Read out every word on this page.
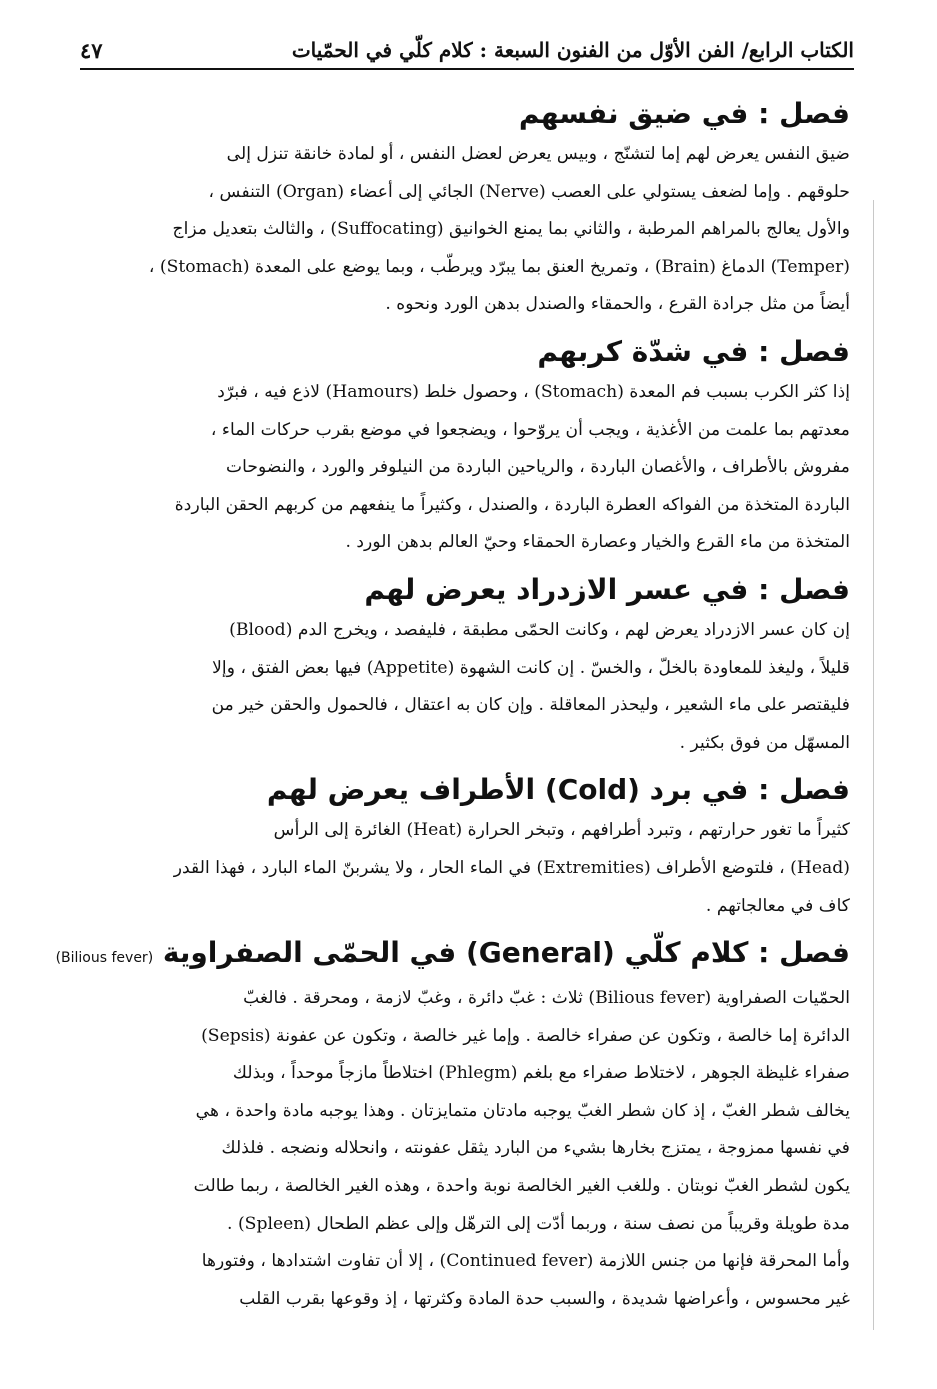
الكتاب الرابع/ الفن الأوّل من الفنون السبعة : كلام كلّي في الحمّيات
٤٧
فصل : في ضيق نفسهم

ضيق النفس يعرض لهم إما لتشنّج ، وبيس يعرض لعضل النفس ، أو لمادة خانقة تنزل إلى
حلوقهم . وإما لضعف يستولي على العصب (Nerve) الجائي إلى أعضاء (Organ) التنفس ،
والأول يعالج بالمراهم المرطبة ، والثاني بما يمنع الخوانيق (Suffocating) ، والثالث بتعديل مزاج
(Temper) الدماغ (Brain) ، وتمريخ العنق بما يبرّد ويرطّب ، وبما يوضع على المعدة (Stomach) ،
أيضاً من مثل جرادة القرع ، والحمقاء والصندل بدهن الورد ونحوه .

فصل : في شدّة كربهم

إذا كثر الكرب بسبب فم المعدة (Stomach) ، وحصول خلط (Hamours) لاذع فيه ، فبرّد
معدتهم بما علمت من الأغذية ، ويجب أن يروّحوا ، ويضجعوا في موضع بقرب حركات الماء ،
مفروش بالأطراف ، والأغصان الباردة ، والرياحين الباردة من النيلوفر والورد ، والنضوحات
الباردة المتخذة من الفواكه العطرة الباردة ، والصندل ، وكثيراً ما ينفعهم من كربهم الحقن الباردة
المتخذة من ماء القرع والخيار وعصارة الحمقاء وحيّ العالم بدهن الورد .

فصل : في عسر الازدراد يعرض لهم

إن كان عسر الازدراد يعرض لهم ، وكانت الحمّى مطبقة ، فليفصد ، ويخرج الدم (Blood)
قليلاً ، وليغذ للمعاودة بالخلّ ، والخسّ . إن كانت الشهوة (Appetite) فيها بعض الفتق ، وإلا
فليقتصر على ماء الشعير ، وليحذر المعاقلة . وإن كان به اعتقال ، فالحمول والحقن خير من
المسهّل من فوق بكثير .

فصل : في برد (Cold) الأطراف يعرض لهم

كثيراً ما تغور حرارتهم ، وتبرد أطرافهم ، وتبخر الحرارة (Heat) الغائرة إلى الرأس
(Head) ، فلتوضع الأطراف (Extremities) في الماء الحار ، ولا يشربنّ الماء البارد ، فهذا القدر
كاف في معالجاتهم .

فصل : كلام كلّي (General) في الحمّى الصفراوية (Bilious fever)

الحمّيات الصفراوية (Bilious fever) ثلاث : غبّ دائرة ، وغبّ لازمة ، ومحرقة . فالغبّ
الدائرة إما خالصة ، وتكون عن صفراء خالصة . وإما غير خالصة ، وتكون عن عفونة (Sepsis)
صفراء غليظة الجوهر ، لاختلاط صفراء مع بلغم (Phlegm) اختلاطاً مازجاً موحداً ، وبذلك
يخالف شطر الغبّ ، إذ كان شطر الغبّ يوجبه مادتان متمايزتان . وهذا يوجبه مادة واحدة ، هي
في نفسها ممزوجة ، يمتزج بخارها بشيء من البارد يثقل عفونته ، وانحلاله ونضجه . فلذلك
يكون لشطر الغبّ نوبتان . وللغب الغير الخالصة نوبة واحدة ، وهذه الغير الخالصة ، ربما طالت
مدة طويلة وقريباً من نصف سنة ، وربما أدّت إلى الترهّل وإلى عظم الطحال (Spleen) .
وأما المحرقة فإنها من جنس اللازمة (Continued fever) ، إلا أن تفاوت اشتدادها ، وفتورها
غير محسوس ، وأعراضها شديدة ، والسبب حدة المادة وكثرتها ، إذ وقوعها بقرب القلب
